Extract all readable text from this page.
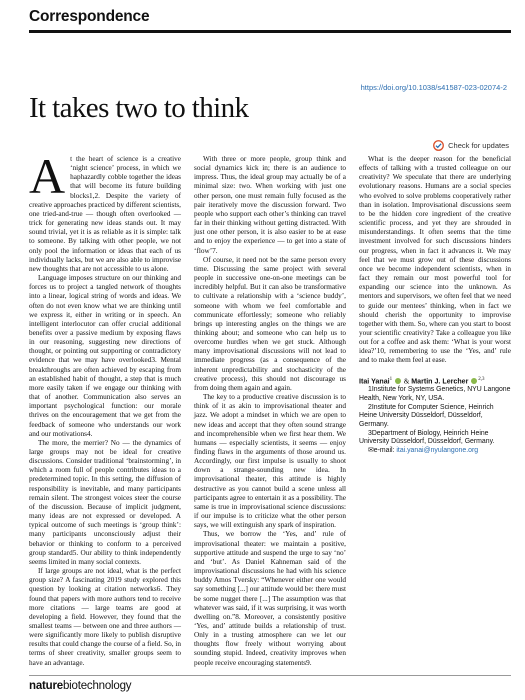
Correspondence
https://doi.org/10.1038/s41587-023-02074-2
It takes two to think
Check for updates

At the heart of science is a creative ‘night science’ process, in which we haphazardly cobble together the ideas that will become its future building blocks1,2. Despite the variety of creative approaches practiced by different scientists, one tried-and-true — though often overlooked — trick for generating new ideas stands out. It may sound trivial, yet it is as reliable as it is simple: talk to someone. By talking with other people, we not only pool the information or ideas that each of us individually lacks, but we are also able to improvise new thoughts that are not accessible to us alone.

Language imposes structure on our thinking and forces us to project a tangled network of thoughts into a linear, logical string of words and ideas. We often do not even know what we are thinking until we express it, either in writing or in speech. An intelligent interlocutor can offer crucial additional benefits over a passive medium by exposing flaws in our reasoning, suggesting new directions of thought, or pointing out supporting or contradictory evidence that we may have overlooked3. Mental breakthroughs are often achieved by escaping from an established habit of thought, a step that is much more easily taken if we engage our thinking with that of another. Communication also serves an important psychological function: our morale thrives on the encouragement that we get from the feedback of someone who understands our work and our motivations4.

The more, the merrier? No — the dynamics of large groups may not be ideal for creative discussions. Consider traditional ‘brainstorming’, in which a room full of people contributes ideas to a predetermined topic. In this setting, the diffusion of responsibility is inevitable, and many participants remain silent. The strongest voices steer the course of the discussion. Because of implicit judgment, many ideas are not expressed or developed. A typical outcome of such meetings is ‘group think’: many participants unconsciously adjust their behavior or thinking to conform to a perceived group standard5. Our ability to think independently seems limited in many social contexts.

If large groups are not ideal, what is the perfect group size? A fascinating 2019 study explored this question by looking at citation networks6. They found that papers with more authors tend to receive more citations — large teams are good at developing a field. However, they found that the smallest teams — between one and three authors — were significantly more likely to publish disruptive results that could change the course of a field. So, in terms of sheer creativity, smaller groups seem to have an advantage.

With three or more people, group think and social dynamics kick in; there is an audience to impress. Thus, the ideal group may actually be of a minimal size: two. When working with just one other person, one must remain fully focused as the pair iteratively move the discussion forward. Two people who support each other’s thinking can travel far in their thinking without getting distracted. With just one other person, it is also easier to be at ease and to enjoy the experience — to get into a state of ‘flow’7.

Of course, it need not be the same person every time. Discussing the same project with several people in successive one-on-one meetings can be incredibly helpful. But it can also be transformative to cultivate a relationship with a ‘science buddy’, someone with whom we feel comfortable and communicate effortlessly; someone who reliably brings up interesting angles on the things we are thinking about; and someone who can help us to overcome hurdles when we get stuck. Although many improvisational discussions will not lead to immediate progress (as a consequence of the inherent unpredictability and stochasticity of the creative process), this should not discourage us from doing them again and again.

The key to a productive creative discussion is to think of it as akin to improvisational theater and jazz. We adopt a mindset in which we are open to new ideas and accept that they often sound strange and incomprehensible when we first hear them. We humans — especially scientists, it seems — enjoy finding flaws in the arguments of those around us. Accordingly, our first impulse is usually to shoot down a strange-sounding new idea. In improvisational theater, this attitude is highly destructive as you cannot build a scene unless all participants agree to entertain it as a possibility. The same is true in improvisational science discussions: if our impulse is to criticize what the other person says, we will extinguish any spark of inspiration.

Thus, we borrow the ‘Yes, and’ rule of improvisational theater: we maintain a positive, supportive attitude and suspend the urge to say ‘no’ and ‘but’. As Daniel Kahneman said of the improvisational discussions he had with his science buddy Amos Tversky: “Whenever either one would say something [...] our attitude would be: there must be some nugget there [...] The assumption was that whatever was said, if it was surprising, it was worth dwelling on.”8. Moreover, a consistently positive ‘Yes, and’ attitude builds a relationship of trust. Only in a trusting atmosphere can we let our thoughts flow freely without worrying about sounding stupid. Indeed, creativity improves when people receive encouraging statements9.

What is the deeper reason for the beneficial effects of talking with a trusted colleague on our creativity? We speculate that there are underlying evolutionary reasons. Humans are a social species who evolved to solve problems cooperatively rather than in isolation. Improvisational discussions seem to be the hidden core ingredient of the creative scientific process, and yet they are shrouded in misunderstandings. It often seems that the time investment involved for such discussions hinders our progress, when in fact it advances it. We may feel that we must grow out of these discussions once we become independent scientists, when in fact they remain our most powerful tool for expanding our science into the unknown. As mentors and supervisors, we often feel that we need to guide our mentees’ thinking, when in fact we should cherish the opportunity to improvise together with them. So, where can you start to boost your scientific creativity? Take a colleague you like out for a coffee and ask them: ‘What is your worst idea?’10, remembering to use the ‘Yes, and’ rule and to make them feel at ease.

Itai Yanai$^1$  & Martin J. Lercher $^{2,3}$

1Institute for Systems Genetics, NYU Langone Health, New York, NY, USA.

2Institute for Computer Science, Heinrich Heine University Düsseldorf, Düsseldorf, Germany.

3Department of Biology, Heinrich Heine University Düsseldorf, Düsseldorf, Germany.

✉e-mail: itai.yanai@nyulangone.org

naturebiotechnology
